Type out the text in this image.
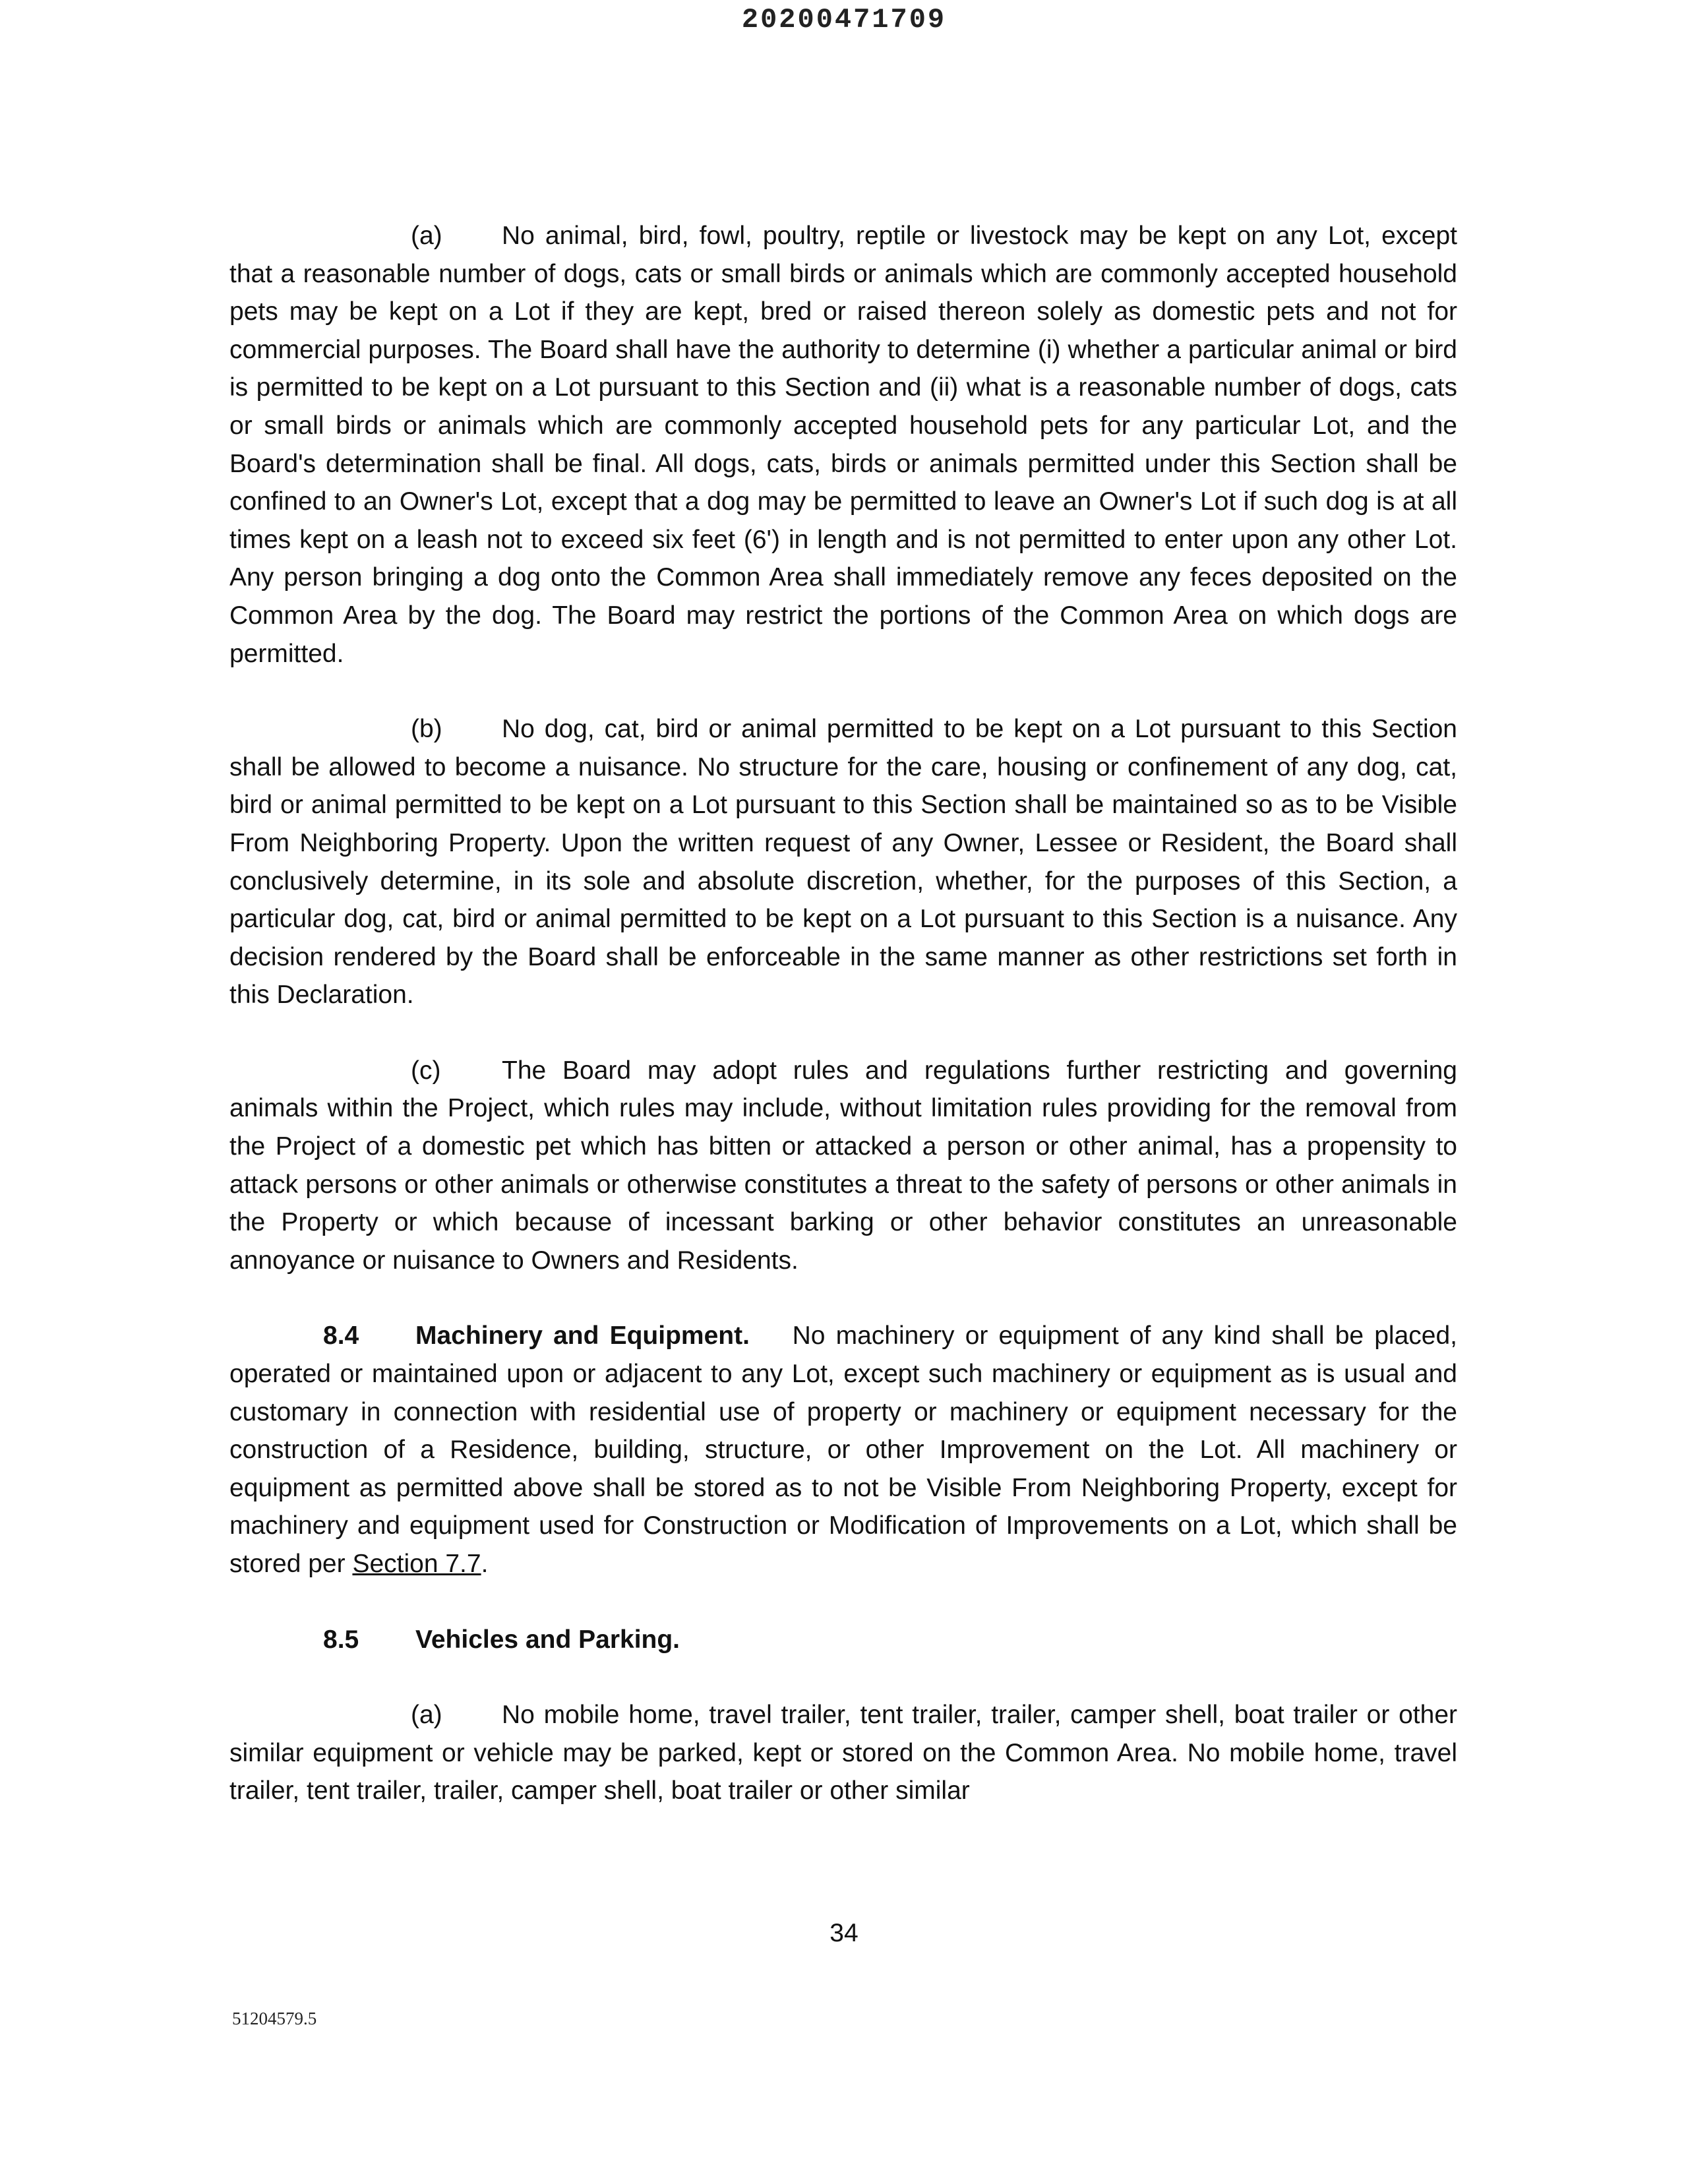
20200471709

(a) No animal, bird, fowl, poultry, reptile or livestock may be kept on any Lot, except that a reasonable number of dogs, cats or small birds or animals which are commonly accepted household pets may be kept on a Lot if they are kept, bred or raised thereon solely as domestic pets and not for commercial purposes. The Board shall have the authority to determine (i) whether a particular animal or bird is permitted to be kept on a Lot pursuant to this Section and (ii) what is a reasonable number of dogs, cats or small birds or animals which are commonly accepted household pets for any particular Lot, and the Board's determination shall be final. All dogs, cats, birds or animals permitted under this Section shall be confined to an Owner's Lot, except that a dog may be permitted to leave an Owner's Lot if such dog is at all times kept on a leash not to exceed six feet (6') in length and is not permitted to enter upon any other Lot. Any person bringing a dog onto the Common Area shall immediately remove any feces deposited on the Common Area by the dog. The Board may restrict the portions of the Common Area on which dogs are permitted.

(b) No dog, cat, bird or animal permitted to be kept on a Lot pursuant to this Section shall be allowed to become a nuisance. No structure for the care, housing or confinement of any dog, cat, bird or animal permitted to be kept on a Lot pursuant to this Section shall be maintained so as to be Visible From Neighboring Property. Upon the written request of any Owner, Lessee or Resident, the Board shall conclusively determine, in its sole and absolute discretion, whether, for the purposes of this Section, a particular dog, cat, bird or animal permitted to be kept on a Lot pursuant to this Section is a nuisance. Any decision rendered by the Board shall be enforceable in the same manner as other restrictions set forth in this Declaration.

(c) The Board may adopt rules and regulations further restricting and governing animals within the Project, which rules may include, without limitation rules providing for the removal from the Project of a domestic pet which has bitten or attacked a person or other animal, has a propensity to attack persons or other animals or otherwise constitutes a threat to the safety of persons or other animals in the Property or which because of incessant barking or other behavior constitutes an unreasonable annoyance or nuisance to Owners and Residents.

8.4 Machinery and Equipment. No machinery or equipment of any kind shall be placed, operated or maintained upon or adjacent to any Lot, except such machinery or equipment as is usual and customary in connection with residential use of property or machinery or equipment necessary for the construction of a Residence, building, structure, or other Improvement on the Lot. All machinery or equipment as permitted above shall be stored as to not be Visible From Neighboring Property, except for machinery and equipment used for Construction or Modification of Improvements on a Lot, which shall be stored per Section 7.7.

8.5 Vehicles and Parking.

(a) No mobile home, travel trailer, tent trailer, trailer, camper shell, boat trailer or other similar equipment or vehicle may be parked, kept or stored on the Common Area. No mobile home, travel trailer, tent trailer, trailer, camper shell, boat trailer or other similar

34
51204579.5
